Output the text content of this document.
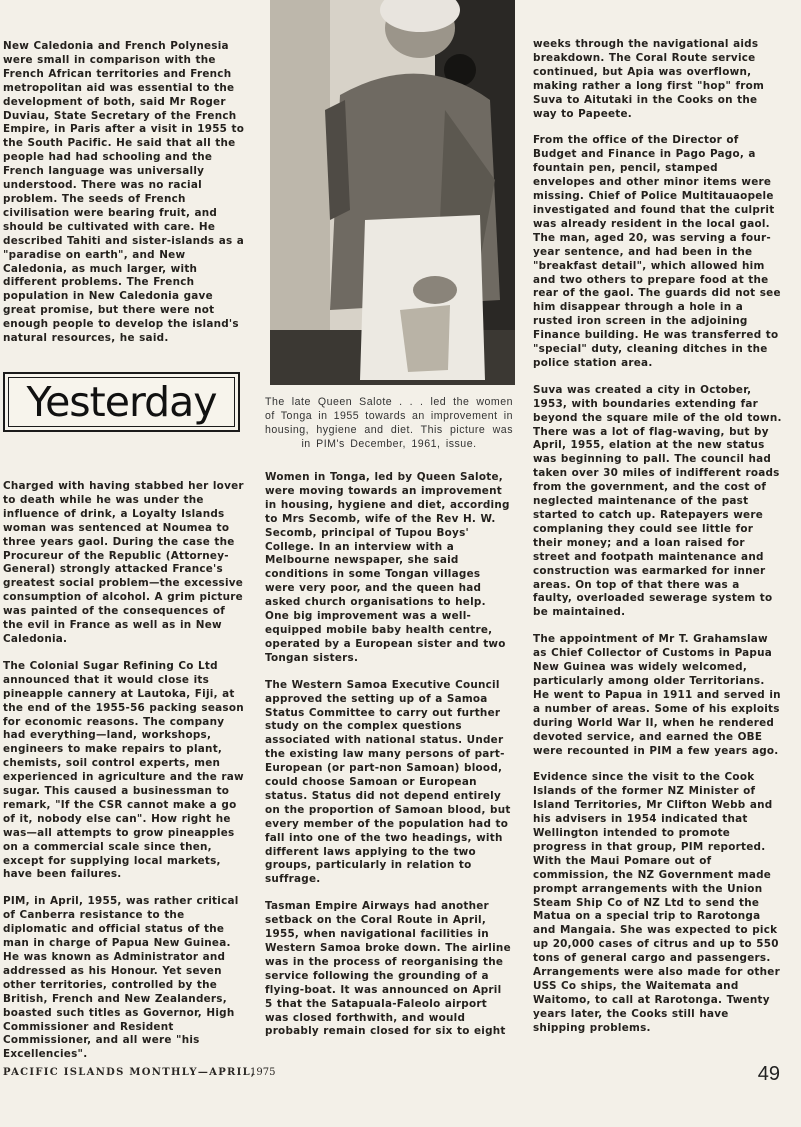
New Caledonia and French Polynesia were small in comparison with the French African territories and French metropolitan aid was essential to the development of both, said Mr Roger Duviau, State Secretary of the French Empire, in Paris after a visit in 1955 to the South Pacific. He said that all the people had had schooling and the French language was universally understood. There was no racial problem. The seeds of French civilisation were bearing fruit, and should be cultivated with care. He described Tahiti and sister-islands as a "paradise on earth", and New Caledonia, as much larger, with different problems. The French population in New Caledonia gave great promise, but there were not enough people to develop the island's natural resources, he said.

Yesterday

Charged with having stabbed her lover to death while he was under the influence of drink, a Loyalty Islands woman was sentenced at Noumea to three years gaol. During the case the Procureur of the Republic (Attorney-General) strongly attacked France's greatest social problem—the excessive consumption of alcohol. A grim picture was painted of the consequences of the evil in France as well as in New Caledonia.

The Colonial Sugar Refining Co Ltd announced that it would close its pineapple cannery at Lautoka, Fiji, at the end of the 1955-56 packing season for economic reasons. The company had everything—land, workshops, engineers to make repairs to plant, chemists, soil control experts, men experienced in agriculture and the raw sugar. This caused a businessman to remark, "If the CSR cannot make a go of it, nobody else can". How right he was—all attempts to grow pineapples on a commercial scale since then, except for supplying local markets, have been failures.

PIM, in April, 1955, was rather critical of Canberra resistance to the diplomatic and official status of the man in charge of Papua New Guinea. He was known as Administrator and addressed as his Honour. Yet seven other territories, controlled by the British, French and New Zealanders, boasted such titles as Governor, High Commissioner and Resident Commissioner, and all were "his Excellencies".

The late Queen Salote . . . led the women of Tonga in 1955 towards an improvement in housing, hygiene and diet. This picture was in PIM's December, 1961, issue.

Women in Tonga, led by Queen Salote, were moving towards an improvement in housing, hygiene and diet, according to Mrs Secomb, wife of the Rev H. W. Secomb, principal of Tupou Boys' College. In an interview with a Melbourne newspaper, she said conditions in some Tongan villages were very poor, and the queen had asked church organisations to help. One big improvement was a well-equipped mobile baby health centre, operated by a European sister and two Tongan sisters.

The Western Samoa Executive Council approved the setting up of a Samoa Status Committee to carry out further study on the complex questions associated with national status. Under the existing law many persons of part-European (or part-non Samoan) blood, could choose Samoan or European status. Status did not depend entirely on the proportion of Samoan blood, but every member of the population had to fall into one of the two headings, with different laws applying to the two groups, particularly in relation to suffrage.

Tasman Empire Airways had another setback on the Coral Route in April, 1955, when navigational facilities in Western Samoa broke down. The airline was in the process of reorganising the service following the grounding of a flying-boat. It was announced on April 5 that the Satapuala-Faleolo airport was closed forthwith, and would probably remain closed for six to eight

weeks through the navigational aids breakdown. The Coral Route service continued, but Apia was overflown, making rather a long first "hop" from Suva to Aitutaki in the Cooks on the way to Papeete.

From the office of the Director of Budget and Finance in Pago Pago, a fountain pen, pencil, stamped envelopes and other minor items were missing. Chief of Police Multitauaopele investigated and found that the culprit was already resident in the local gaol. The man, aged 20, was serving a four-year sentence, and had been in the "breakfast detail", which allowed him and two others to prepare food at the rear of the gaol. The guards did not see him disappear through a hole in a rusted iron screen in the adjoining Finance building. He was transferred to "special" duty, cleaning ditches in the police station area.

Suva was created a city in October, 1953, with boundaries extending far beyond the square mile of the old town. There was a lot of flag-waving, but by April, 1955, elation at the new status was beginning to pall. The council had taken over 30 miles of indifferent roads from the government, and the cost of neglected maintenance of the past started to catch up. Ratepayers were complaning they could see little for their money; and a loan raised for street and footpath maintenance and construction was earmarked for inner areas. On top of that there was a faulty, overloaded sewerage system to be maintained.

The appointment of Mr T. Grahamslaw as Chief Collector of Customs in Papua New Guinea was widely welcomed, particularly among older Territorians. He went to Papua in 1911 and served in a number of areas. Some of his exploits during World War II, when he rendered devoted service, and earned the OBE were recounted in PIM a few years ago.

Evidence since the visit to the Cook Islands of the former NZ Minister of Island Territories, Mr Clifton Webb and his advisers in 1954 indicated that Wellington intended to promote progress in that group, PIM reported. With the Maui Pomare out of commission, the NZ Government made prompt arrangements with the Union Steam Ship Co of NZ Ltd to send the Matua on a special trip to Rarotonga and Mangaia. She was expected to pick up 20,000 cases of citrus and up to 550 tons of general cargo and passengers. Arrangements were also made for other USS Co ships, the Waitemata and Waitomo, to call at Rarotonga. Twenty years later, the Cooks still have shipping problems.

PACIFIC ISLANDS MONTHLY—APRIL,
1975	49
